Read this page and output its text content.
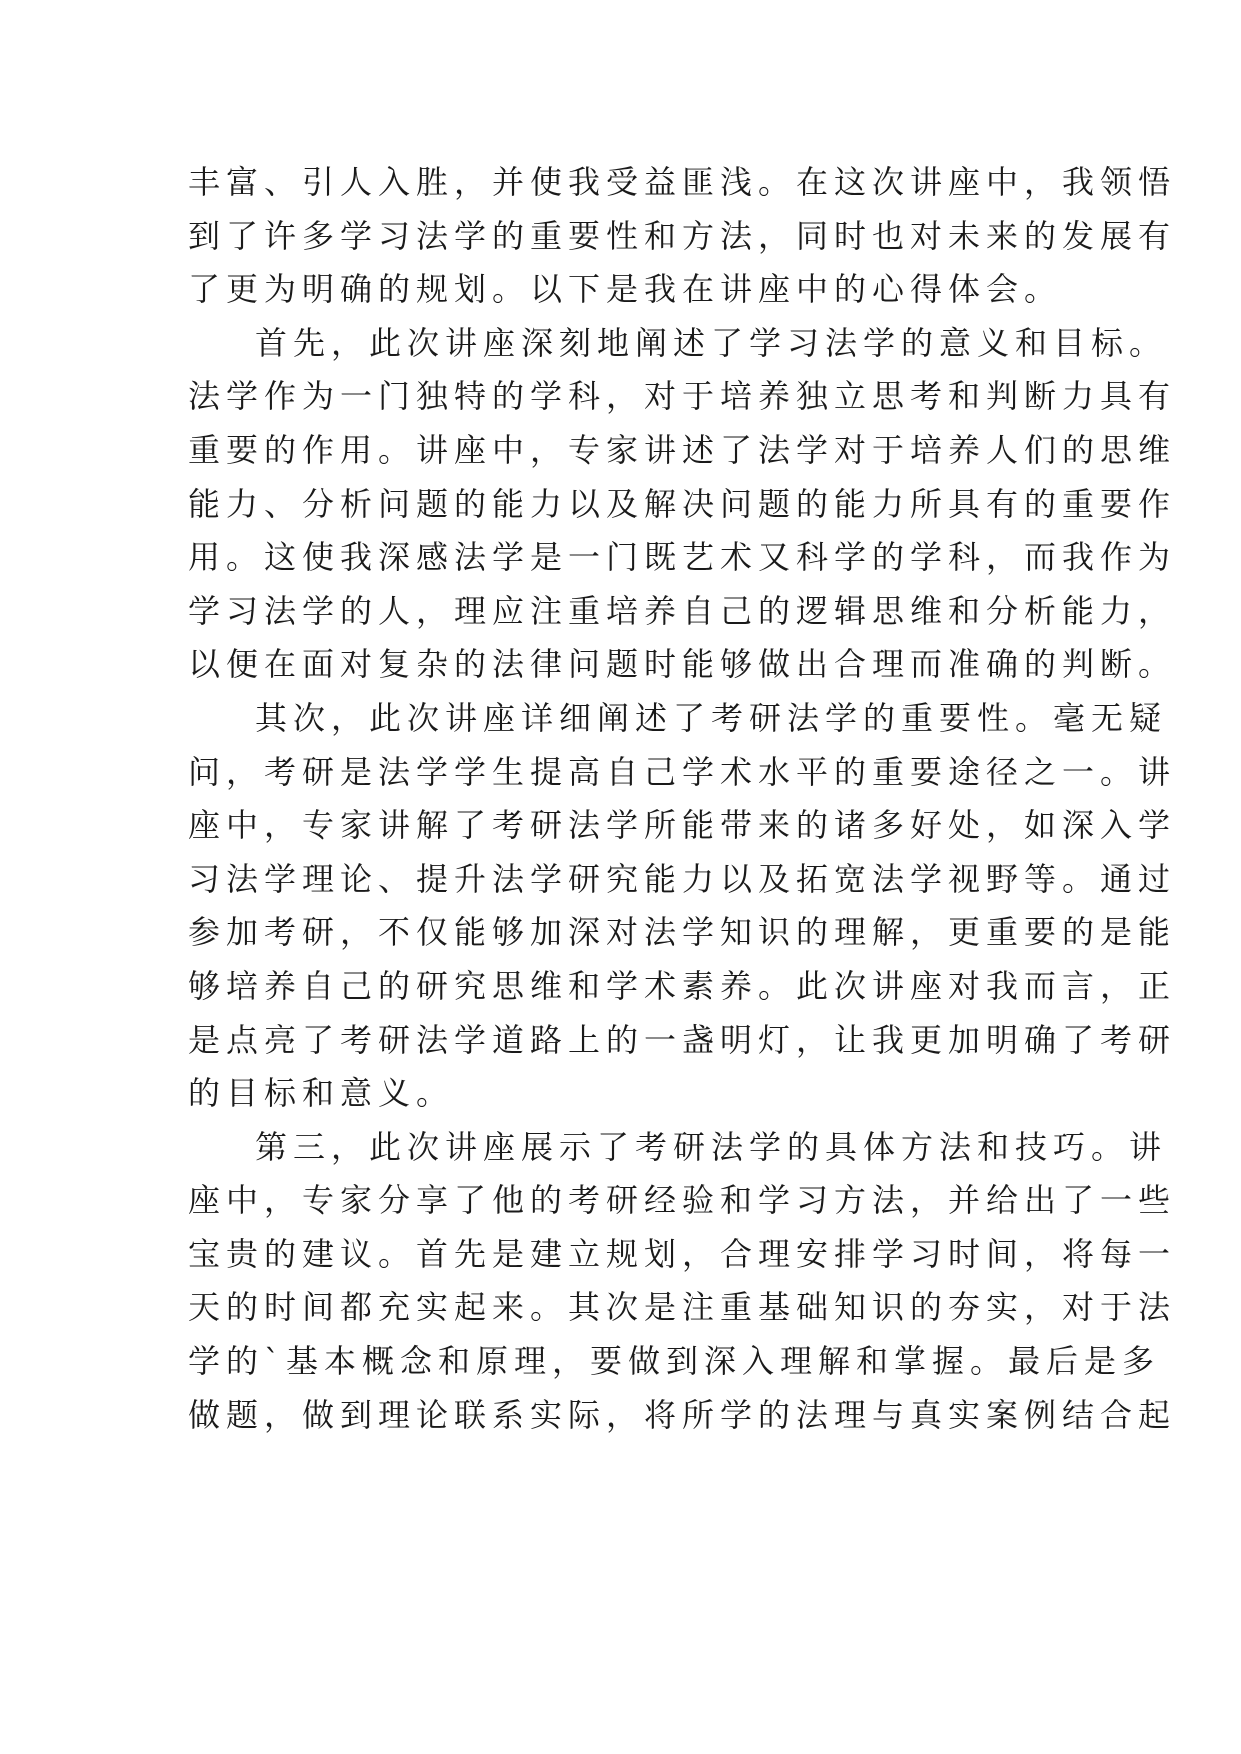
丰富、引人入胜，并使我受益匪浅。在这次讲座中，我领悟
到了许多学习法学的重要性和方法，同时也对未来的发展有
了更为明确的规划。以下是我在讲座中的心得体会。

首先，此次讲座深刻地阐述了学习法学的意义和目标。
法学作为一门独特的学科，对于培养独立思考和判断力具有
重要的作用。讲座中，专家讲述了法学对于培养人们的思维
能力、分析问题的能力以及解决问题的能力所具有的重要作
用。这使我深感法学是一门既艺术又科学的学科，而我作为
学习法学的人，理应注重培养自己的逻辑思维和分析能力，
以便在面对复杂的法律问题时能够做出合理而准确的判断。

其次，此次讲座详细阐述了考研法学的重要性。毫无疑
问，考研是法学学生提高自己学术水平的重要途径之一。讲
座中，专家讲解了考研法学所能带来的诸多好处，如深入学
习法学理论、提升法学研究能力以及拓宽法学视野等。通过
参加考研，不仅能够加深对法学知识的理解，更重要的是能
够培养自己的研究思维和学术素养。此次讲座对我而言，正
是点亮了考研法学道路上的一盏明灯，让我更加明确了考研
的目标和意义。

第三，此次讲座展示了考研法学的具体方法和技巧。讲
座中，专家分享了他的考研经验和学习方法，并给出了一些
宝贵的建议。首先是建立规划，合理安排学习时间，将每一
天的时间都充实起来。其次是注重基础知识的夯实，对于法
学的`基本概念和原理，要做到深入理解和掌握。最后是多
做题，做到理论联系实际，将所学的法理与真实案例结合起
